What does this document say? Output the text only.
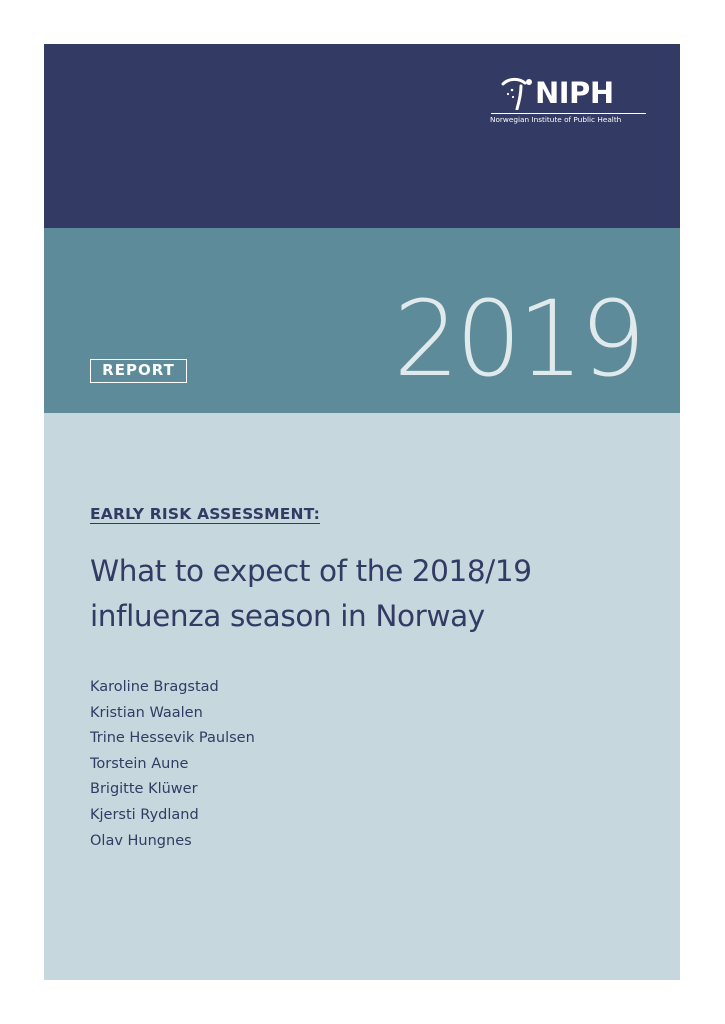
NIPH
Norwegian Institute of Public Health
2019
REPORT
EARLY RISK ASSESSMENT:
What to expect of the 2018/19
influenza season in Norway
Karoline Bragstad
Kristian Waalen
Trine Hessevik Paulsen
Torstein Aune
Brigitte Klüwer
Kjersti Rydland
Olav Hungnes
